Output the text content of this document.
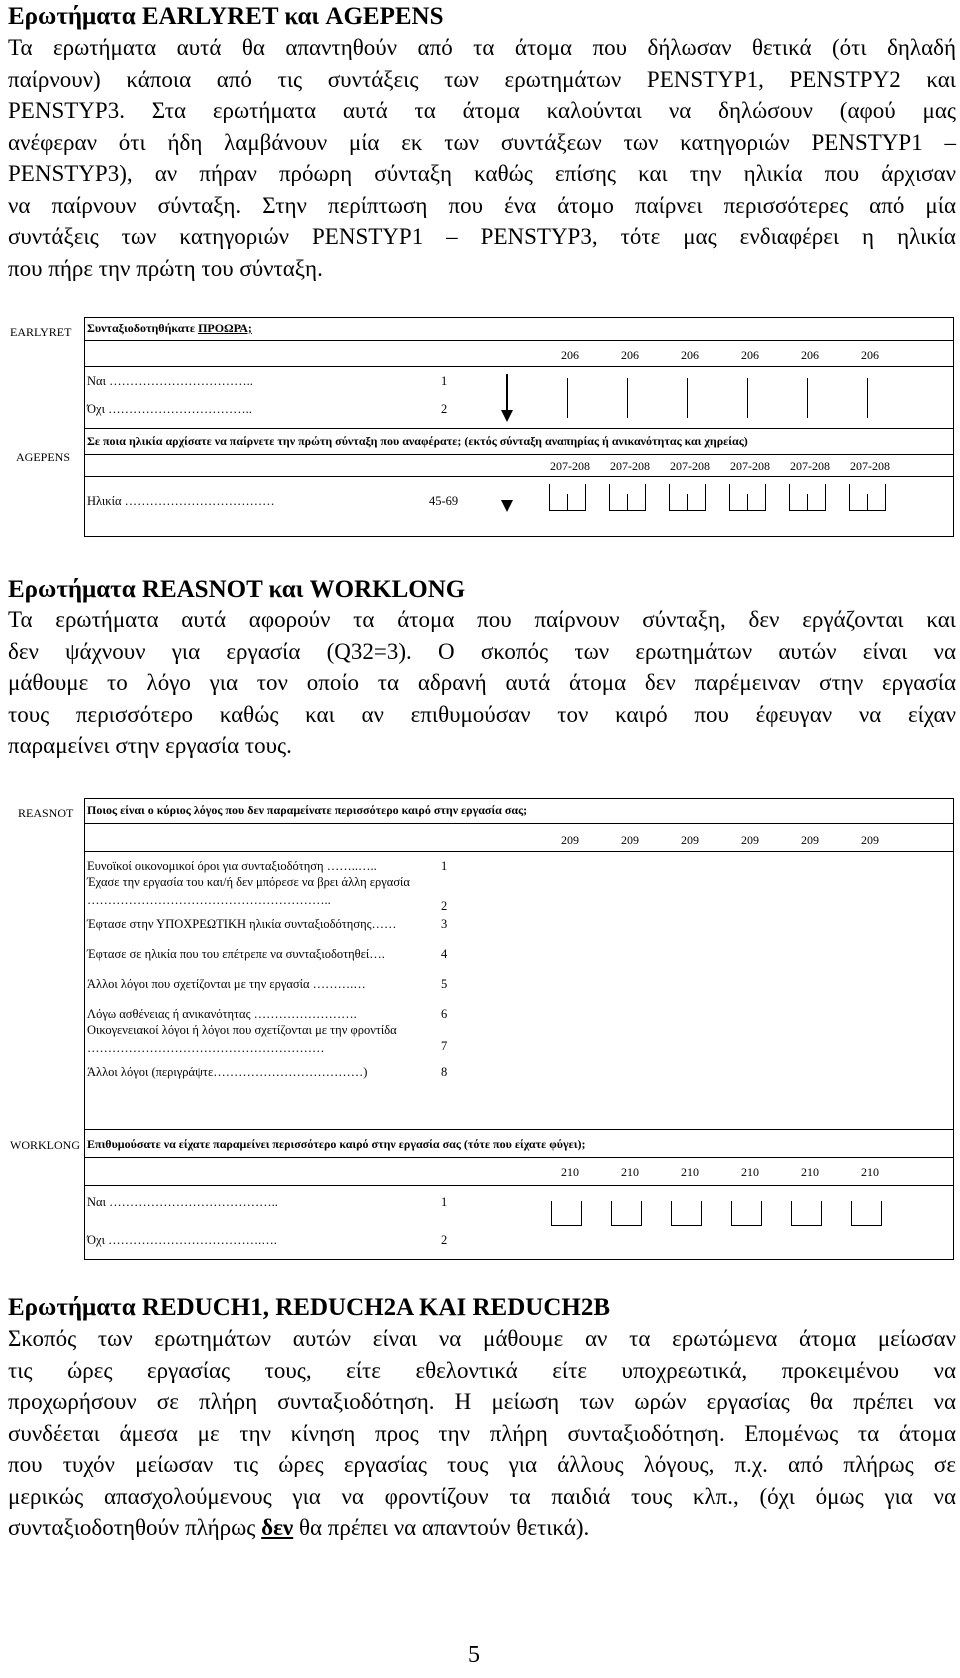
Ερωτήματα EARLYRET και AGEPENS
Τα ερωτήματα αυτά θα απαντηθούν από τα άτομα που δήλωσαν θετικά (ότι δηλαδή
παίρνουν) κάποια από τις συντάξεις των ερωτημάτων PENSTYP1, PENSTPY2 και
PENSTYP3. Στα ερωτήματα αυτά τα άτομα καλούνται να δηλώσουν (αφού μας
ανέφεραν ότι ήδη λαμβάνουν μία εκ των συντάξεων των κατηγοριών PENSTYP1 –
PENSTYP3), αν πήραν πρόωρη σύνταξη καθώς επίσης και την ηλικία που άρχισαν
να παίρνουν σύνταξη. Στην περίπτωση που ένα άτομο παίρνει περισσότερες από μία
συντάξεις των κατηγοριών PENSTYP1 – PENSTYP3, τότε μας ενδιαφέρει η ηλικία
που πήρε την πρώτη του σύνταξη.
EARLYRET
AGEPENS
Συνταξιοδοτηθήκατε ΠΡΟΩΡΑ;
206	206	206	206	206	206
Ναι ……………………………..	1
Όχι ……………………………..	2
Σε ποια ηλικία αρχίσατε να παίρνετε την πρώτη σύνταξη που αναφέρατε; (εκτός σύνταξη αναπηρίας ή ανικανότητας και χηρείας)
207-208	207-208	207-208	207-208	207-208	207-208
Ηλικία ………………………………	45-69
Ερωτήματα REASNOT και WORKLONG
Τα ερωτήματα αυτά αφορούν τα άτομα που παίρνουν σύνταξη, δεν εργάζονται και
δεν ψάχνουν για εργασία (Q32=3). Ο σκοπός των ερωτημάτων αυτών είναι να
μάθουμε το λόγο για τον οποίο τα αδρανή αυτά άτομα δεν παρέμειναν στην εργασία
τους περισσότερο καθώς και αν επιθυμούσαν τον καιρό που έφευγαν να είχαν
παραμείνει στην εργασία τους.
REASNOT
WORKLONG
Ποιος είναι ο κύριος λόγος που δεν παραμείνατε περισσότερο καιρό στην εργασία σας;
209	209	209	209	209	209
Ευνοϊκοί οικονομικοί όροι για συνταξιοδότηση ……..…..	1
Έχασε την εργασία του και/ή δεν μπόρεσε να βρει άλλη εργασία
…………………………………………………..	2
Έφτασε στην ΥΠΟΧΡΕΩΤΙΚΗ ηλικία συνταξιοδότησης……	3
Έφτασε σε ηλικία που του επέτρεπε να συνταξιοδοτηθεί….	4
Άλλοι λόγοι που σχετίζονται με την εργασία ……….…	5
Λόγω ασθένειας ή ανικανότητας …………………….	6
Οικογενειακοί λόγοι ή λόγοι που σχετίζονται με την φροντίδα
…………………………………………………	7
Άλλοι λόγοι (περιγράψτε………………………………)	8
Επιθυμούσατε να είχατε παραμείνει περισσότερο καιρό στην εργασία σας (τότε που είχατε φύγει);
210	210	210	210	210	210
Ναι …………………………………..	1
Όχι ……………………………….….	2
Ερωτήματα REDUCH1, REDUCH2A ΚΑΙ REDUCH2B
Σκοπός των ερωτημάτων αυτών είναι να μάθουμε αν τα ερωτώμενα άτομα μείωσαν
τις ώρες εργασίας τους, είτε εθελοντικά είτε υποχρεωτικά, προκειμένου να
προχωρήσουν σε πλήρη συνταξιοδότηση. Η μείωση των ωρών εργασίας θα πρέπει να
συνδέεται άμεσα με την κίνηση προς την πλήρη συνταξιοδότηση. Επομένως τα άτομα
που τυχόν μείωσαν τις ώρες εργασίας τους για άλλους λόγους, π.χ. από πλήρως σε
μερικώς απασχολούμενους για να φροντίζουν τα παιδιά τους κλπ., (όχι όμως για να
συνταξιοδοτηθούν πλήρως δεν θα πρέπει να απαντούν θετικά).
5
